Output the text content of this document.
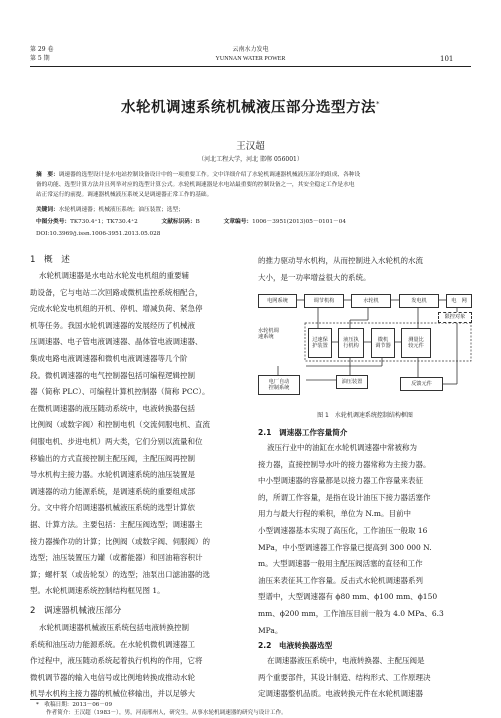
第 29 卷
第 5 期
云南水力发电
YUNNAN WATER POWER	101
水轮机调速系统机械液压部分选型方法*
王汉超
（河北工程大学，河北 邯郸 056001）
摘　要：调速器的选型设计是水电站控制设备设计中的一项重要工作。文中详细介绍了水轮机调速器机械液压部分的组成、各种设
备的功能、选型计算方法并且列举对应的选型计算公式。水轮机调速器是水电站最重要的控制设备之一，其安全稳定工作是水电
站正常运行的前提。调速器机械液压系统又是调速器正常工作的基础。
关键词：水轮机调速器；机械液压系统；油压装置；选型；
中图分类号：TK730.4⁺1；TK730.4⁺2	文献标识码：B	文章编号：1006－3951(2013)05－0101－04
DOI:10.3969/j.issn.1006-3951.2013.05.028
1　概　述
水轮机调速器是水电站水轮发电机组的重要辅
助设备，它与电站二次回路或微机监控系统相配合，
完成水轮发电机组的开机、停机、增减负荷、紧急停
机等任务。我国水轮机调速器的发展经历了机械液
压调速器、电子管电液调速器、晶体管电液调速器、
集成电路电液调速器和微机电液调速器等几个阶
段。微机调速器的电气控制器包括可编程逻辑控制
器（简称 PLC）、可编程计算机控制器（简称 PCC）。
在微机调速器的液压随动系统中，电液转换器包括
比例阀（或数字阀）和控制电机（交流伺服电机、直流
伺服电机、步进电机）两大类，它们分别以流量和位
移输出的方式直接控制主配压阀，主配压阀再控制
导水机构主接力器。水轮机调速系统的油压装置是
调速器的动力能源系统，是调速系统的重要组成部
分。文中将介绍调速器机械液压系统的选型计算依
据、计算方法。主要包括：主配压阀选型；调速器主
接力器操作功的计算；比例阀（或数字阀、伺服阀）的
选型；油压装置压力罐（或蓄能器）和回油箱容积计
算；螺杆泵（或齿轮泵）的选型；油泵出口滤油器的选
型。水轮机调速系统控制结构框见图 1。
2　调速器机械液压部分
水轮机调速器机械液压系统包括电液转换控制
系统和油压动力能源系统。在水轮机微机调速器工
作过程中，液压随动系统起着执行机构的作用，它将
微机调节器的输入电信号或比例地转换成推动水轮
机导水机构主接力器的机械位移输出，并以足够大
的推力驱动导水机构，从而控制进入水轮机的水流
大小，是一功率增益很大的系统。
电网系统	调节机构	水轮机	发电机	电　网
限控对象
水轮机调
速系统	过速保
护装置
液压执
行机构
微机
调节器
测量比
较元件
电厂自动
控制系统
油压装置	反馈元件
图 1　水轮机调速系统控制结构框图
2.1　调速器工作容量简介
液压行业中的油缸在水轮机调速器中常被称为
接力器，直接控制导水叶的接力器常称为主接力器。
中小型调速器的容量都是以接力器工作容量来表征
的，所谓工作容量，是指在设计油压下接力器活塞作
用力与最大行程的乘积，单位为 N.m。目前中
小型调速器基本实现了高压化，工作油压一般取 16
MPa，中小型调速器工作容量已提高到 300 000 N.
m。大型调速器一般用主配压阀活塞的直径和工作
油压来表征其工作容量。反击式水轮机调速器系列
型谱中，大型调速器有 ϕ80 mm、ϕ100 mm、ϕ150
mm、ϕ200 mm，工作油压目前一般为 4.0 MPa、6.3
MPa。
2.2　电液转换器选型
在调速器液压系统中，电液转换器、主配压阀是
两个重要部件，其设计制造、结构形式、工作原理决
定调速器整机品质。电液转换元件在水轮机调速器
*　 收稿日期：2013－06－09
作者简介：王汉超（1983－），男，河南邢州人，研究生，从事水轮机调速器的研究与设计工作。
